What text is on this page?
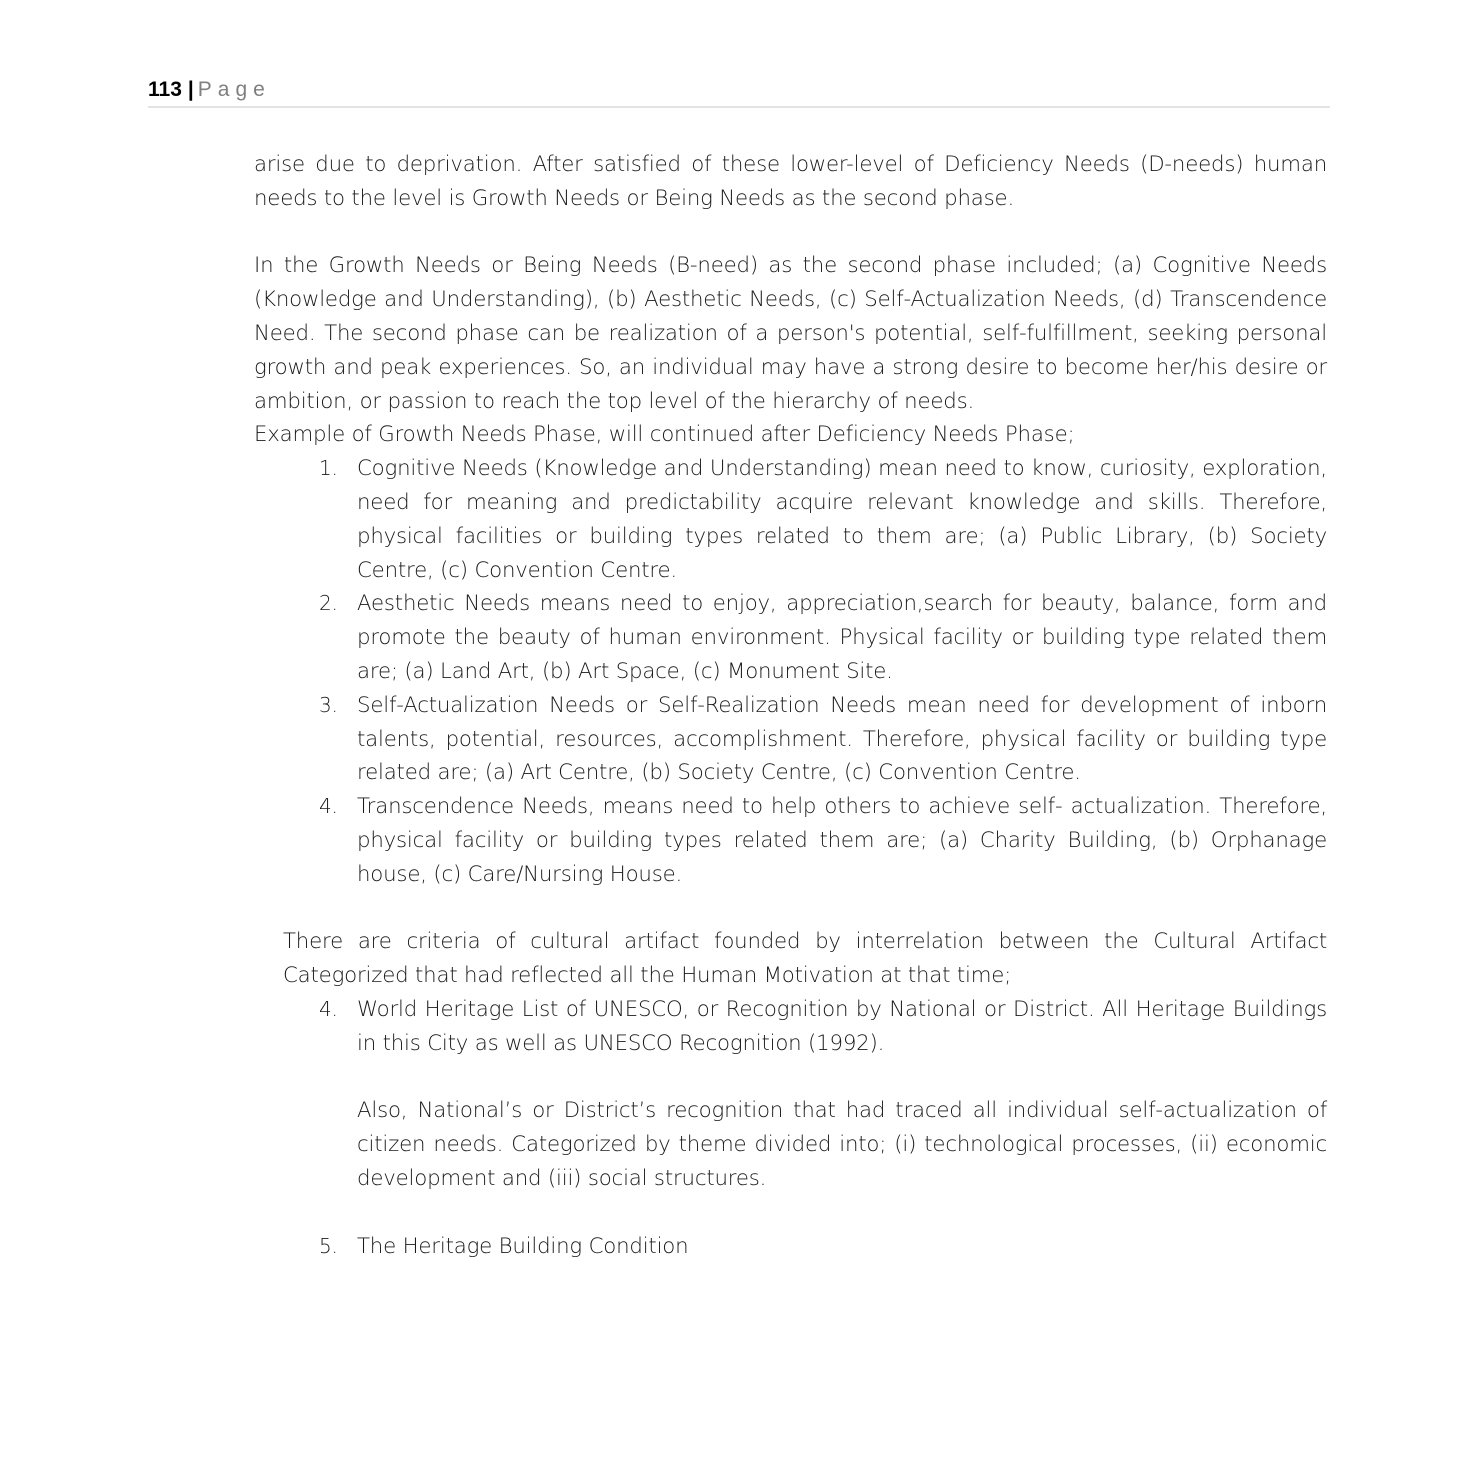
113 | Page

arise due to deprivation. After satisfied of these lower-level of Deficiency Needs (D-needs) human needs to the level is Growth Needs or Being Needs as the second phase.

In the Growth Needs or Being Needs (B-need) as the second phase included; (a) Cognitive Needs (Knowledge and Understanding), (b) Aesthetic Needs, (c) Self-Actualization Needs, (d) Transcendence Need. The second phase can be realization of a person's potential, self-fulfillment, seeking personal growth and peak experiences. So, an individual may have a strong desire to become her/his desire or ambition, or passion to reach the top level of the hierarchy of needs.

Example of Growth Needs Phase, will continued after Deficiency Needs Phase;

1. Cognitive Needs (Knowledge and Understanding) mean need to know, curiosity, exploration, need for meaning and predictability acquire relevant knowledge and skills. Therefore, physical facilities or building types related to them are; (a) Public Library, (b) Society Centre, (c) Convention Centre.
2. Aesthetic Needs means need to enjoy, appreciation,search for beauty, balance, form and promote the beauty of human environment. Physical facility or building type related them are; (a) Land Art, (b) Art Space, (c) Monument Site.
3. Self-Actualization Needs or Self-Realization Needs mean need for development of inborn talents, potential, resources, accomplishment. Therefore, physical facility or building type related are; (a) Art Centre, (b) Society Centre, (c) Convention Centre.
4. Transcendence Needs, means need to help others to achieve self- actualization. Therefore, physical facility or building types related them are; (a) Charity Building, (b) Orphanage house, (c) Care/Nursing House.

There are criteria of cultural artifact founded by interrelation between the Cultural Artifact Categorized that had reflected all the Human Motivation at that time;

4. World Heritage List of UNESCO, or Recognition by National or District. All Heritage Buildings in this City as well as UNESCO Recognition (1992).

Also, National’s or District’s recognition that had traced all individual self-actualization of citizen needs. Categorized by theme divided into; (i) technological processes, (ii) economic development and (iii) social structures.

5. The Heritage Building Condition
